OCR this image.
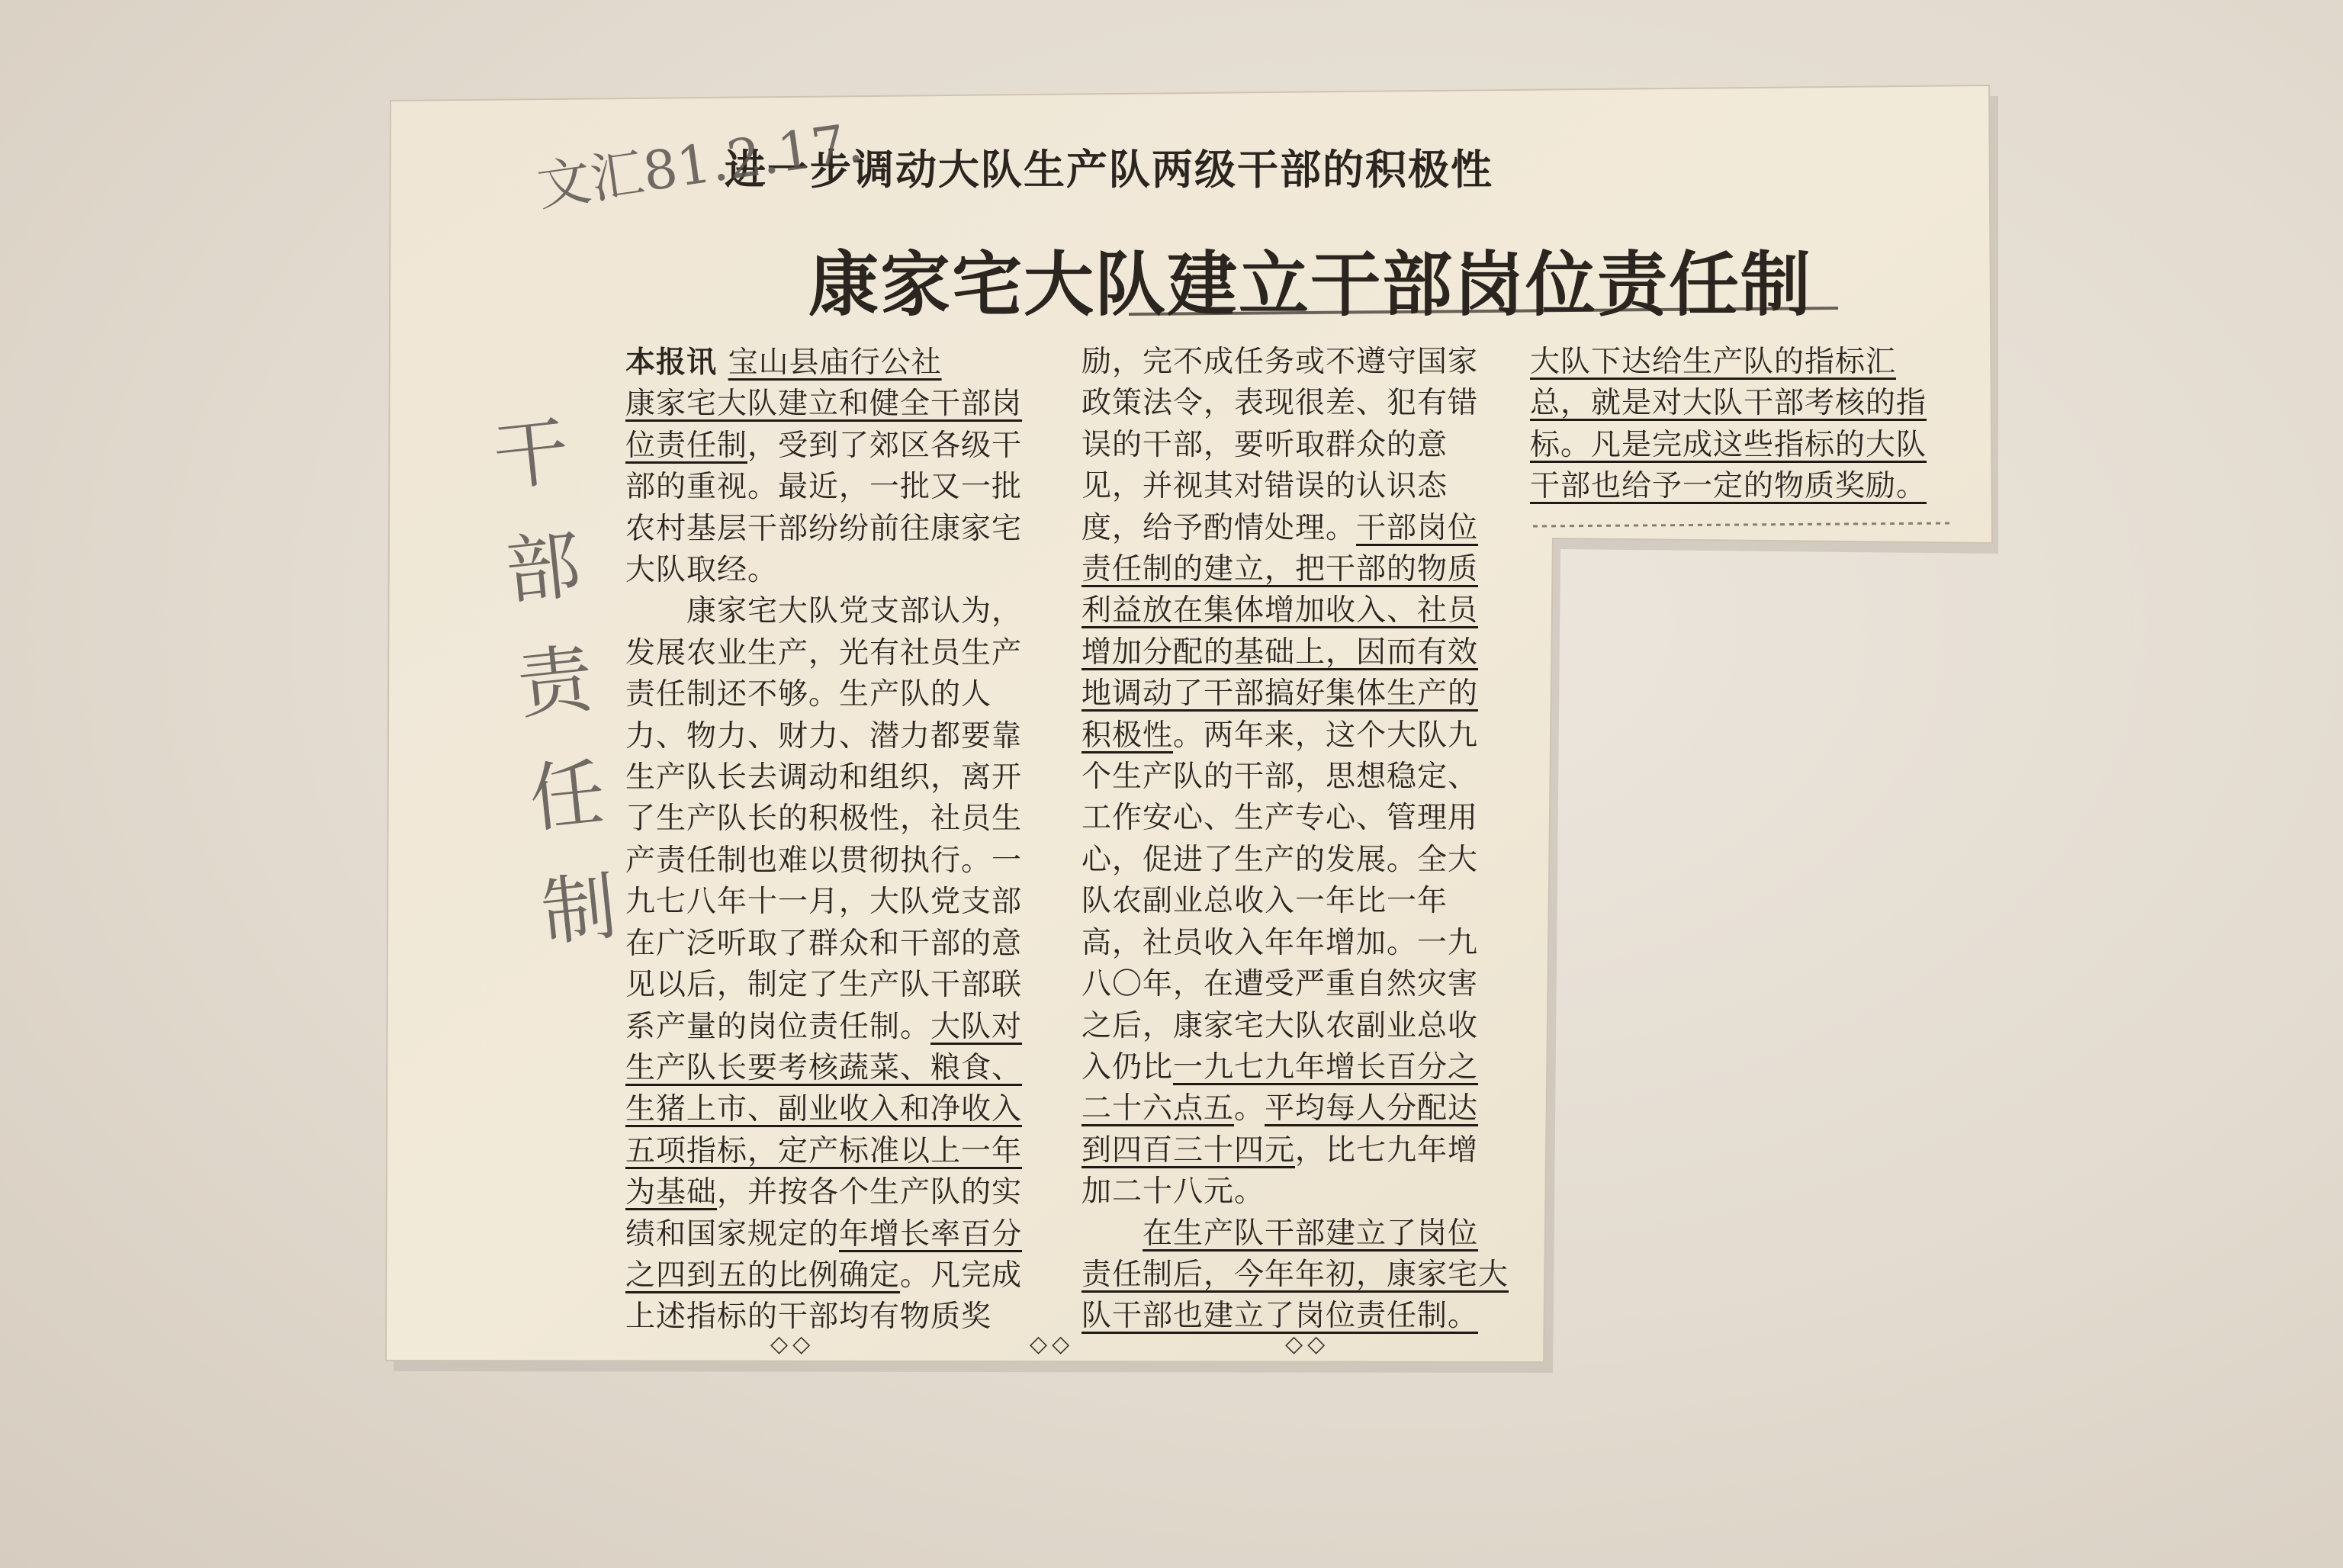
进一步调动大队生产队两级干部的积极性
康家宅大队建立干部岗位责任制

本报讯 宝山县庙行公社

康家宅大队建立和健全干部岗

位责任制，受到了郊区各级干

部的重视。最近，一批又一批

农村基层干部纷纷前往康家宅

大队取经。

　　康家宅大队党支部认为，

发展农业生产，光有社员生产

责任制还不够。生产队的人

力、物力、财力、潜力都要靠

生产队长去调动和组织，离开

了生产队长的积极性，社员生

产责任制也难以贯彻执行。一

九七八年十一月，大队党支部

在广泛听取了群众和干部的意

见以后，制定了生产队干部联

系产量的岗位责任制。大队对

生产队长要考核蔬菜、粮食、

生猪上市、副业收入和净收入

五项指标，定产标准以上一年

为基础，并按各个生产队的实

绩和国家规定的年增长率百分

之四到五的比例确定。凡完成

上述指标的干部均有物质奖

励，完不成任务或不遵守国家

政策法令，表现很差、犯有错

误的干部，要听取群众的意

见，并视其对错误的认识态

度，给予酌情处理。干部岗位

责任制的建立，把干部的物质

利益放在集体增加收入、社员

增加分配的基础上，因而有效

地调动了干部搞好集体生产的

积极性。两年来，这个大队九

个生产队的干部，思想稳定、

工作安心、生产专心、管理用

心，促进了生产的发展。全大

队农副业总收入一年比一年

高，社员收入年年增加。一九

八〇年，在遭受严重自然灾害

之后，康家宅大队农副业总收

入仍比一九七九年增长百分之

二十六点五。平均每人分配达

到四百三十四元，比七九年增

加二十八元。

　　在生产队干部建立了岗位

责任制后，今年年初，康家宅大

队干部也建立了岗位责任制。

大队下达给生产队的指标汇

总，就是对大队干部考核的指

标。凡是完成这些指标的大队

干部也给予一定的物质奖励。

◇◇	◇◇	◇◇
文汇81.2.17.
干部责任制
